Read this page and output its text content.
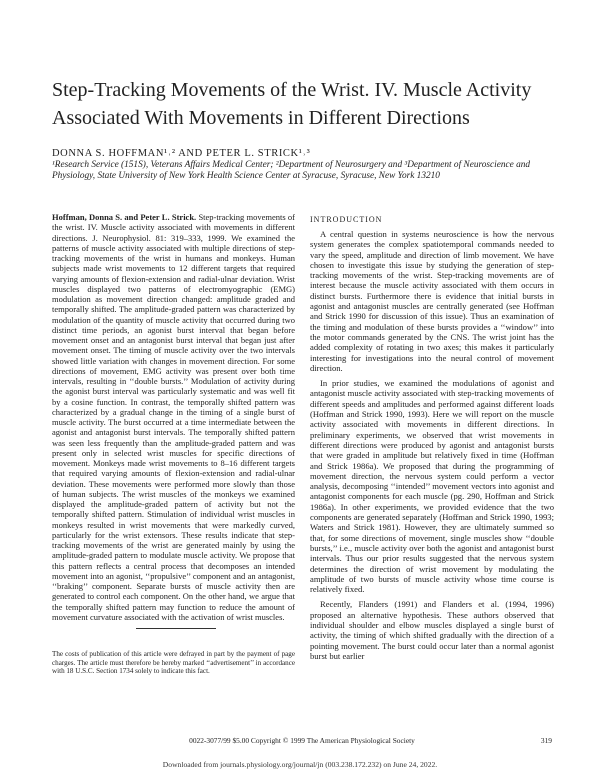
Step-Tracking Movements of the Wrist. IV. Muscle Activity Associated With Movements in Different Directions
DONNA S. HOFFMAN¹˒² AND PETER L. STRICK¹˒³
¹Research Service (151S), Veterans Affairs Medical Center; ²Department of Neurosurgery and ³Department of Neuroscience and Physiology, State University of New York Health Science Center at Syracuse, Syracuse, New York 13210
Hoffman, Donna S. and Peter L. Strick. Step-tracking movements of the wrist. IV. Muscle activity associated with movements in different directions. J. Neurophysiol. 81: 319–333, 1999. We examined the patterns of muscle activity associated with multiple directions of step-tracking movements of the wrist in humans and monkeys. Human subjects made wrist movements to 12 different targets that required varying amounts of flexion-extension and radial-ulnar deviation. Wrist muscles displayed two patterns of electromyographic (EMG) modulation as movement direction changed: amplitude graded and temporally shifted. The amplitude-graded pattern was characterized by modulation of the quantity of muscle activity that occurred during two distinct time periods, an agonist burst interval that began before movement onset and an antagonist burst interval that began just after movement onset. The timing of muscle activity over the two intervals showed little variation with changes in movement direction. For some directions of movement, EMG activity was present over both time intervals, resulting in ‘‘double bursts.’’ Modulation of activity during the agonist burst interval was particularly systematic and was well fit by a cosine function. In contrast, the temporally shifted pattern was characterized by a gradual change in the timing of a single burst of muscle activity. The burst occurred at a time intermediate between the agonist and antagonist burst intervals. The temporally shifted pattern was seen less frequently than the amplitude-graded pattern and was present only in selected wrist muscles for specific directions of movement. Monkeys made wrist movements to 8–16 different targets that required varying amounts of flexion-extension and radial-ulnar deviation. These movements were performed more slowly than those of human subjects. The wrist muscles of the monkeys we examined displayed the amplitude-graded pattern of activity but not the temporally shifted pattern. Stimulation of individual wrist muscles in monkeys resulted in wrist movements that were markedly curved, particularly for the wrist extensors. These results indicate that step-tracking movements of the wrist are generated mainly by using the amplitude-graded pattern to modulate muscle activity. We propose that this pattern reflects a central process that decomposes an intended movement into an agonist, ‘‘propulsive’’ component and an antagonist, ‘‘braking’’ component. Separate bursts of muscle activity then are generated to control each component. On the other hand, we argue that the temporally shifted pattern may function to reduce the amount of movement curvature associated with the activation of wrist muscles.
The costs of publication of this article were defrayed in part by the payment of page charges. The article must therefore be hereby marked ‘‘advertisement’’ in accordance with 18 U.S.C. Section 1734 solely to indicate this fact.
INTRODUCTION

A central question in systems neuroscience is how the nervous system generates the complex spatiotemporal commands needed to vary the speed, amplitude and direction of limb movement. We have chosen to investigate this issue by studying the generation of step-tracking movements of the wrist. Step-tracking movements are of interest because the muscle activity associated with them occurs in distinct bursts. Furthermore there is evidence that initial bursts in agonist and antagonist muscles are centrally generated (see Hoffman and Strick 1990 for discussion of this issue). Thus an examination of the timing and modulation of these bursts provides a ‘‘window’’ into the motor commands generated by the CNS. The wrist joint has the added complexity of rotating in two axes; this makes it particularly interesting for investigations into the neural control of movement direction.

In prior studies, we examined the modulations of agonist and antagonist muscle activity associated with step-tracking movements of different speeds and amplitudes and performed against different loads (Hoffman and Strick 1990, 1993). Here we will report on the muscle activity associated with movements in different directions. In preliminary experiments, we observed that wrist movements in different directions were produced by agonist and antagonist bursts that were graded in amplitude but relatively fixed in time (Hoffman and Strick 1986a). We proposed that during the programming of movement direction, the nervous system could perform a vector analysis, decomposing ‘‘intended’’ movement vectors into agonist and antagonist components for each muscle (pg. 290, Hoffman and Strick 1986a). In other experiments, we provided evidence that the two components are generated separately (Hoffman and Strick 1990, 1993; Waters and Strick 1981). However, they are ultimately summed so that, for some directions of movement, single muscles show ‘‘double bursts,’’ i.e., muscle activity over both the agonist and antagonist burst intervals. Thus our prior results suggested that the nervous system determines the direction of wrist movement by modulating the amplitude of two bursts of muscle activity whose time course is relatively fixed.

Recently, Flanders (1991) and Flanders et al. (1994, 1996) proposed an alternative hypothesis. These authors observed that individual shoulder and elbow muscles displayed a single burst of activity, the timing of which shifted gradually with the direction of a pointing movement. The burst could occur later than a normal agonist burst but earlier

0022-3077/99 $5.00 Copyright © 1999 The American Physiological Society	319
Downloaded from journals.physiology.org/journal/jn (003.238.172.232) on June 24, 2022.
